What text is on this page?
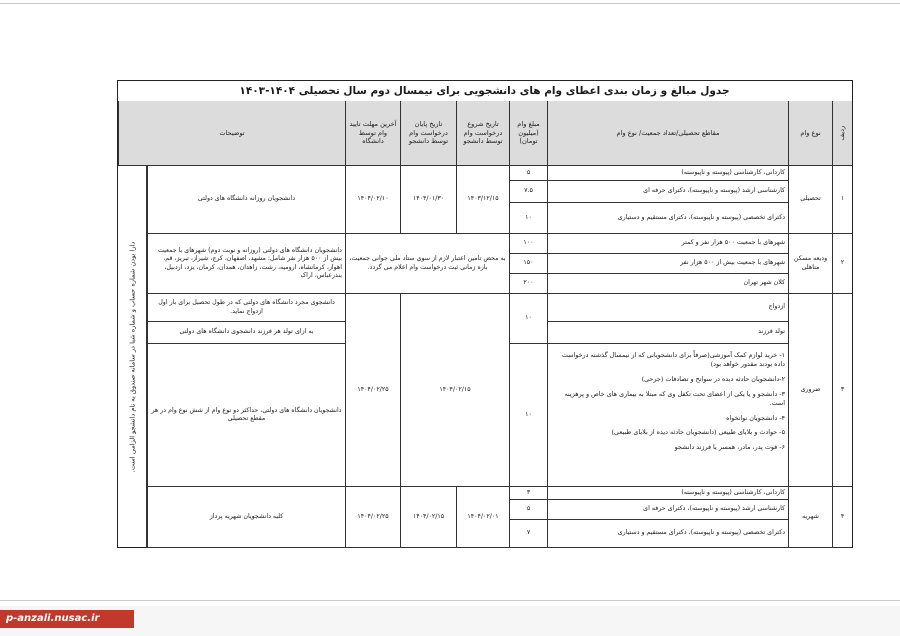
جدول مبالغ و زمان بندی اعطای وام های دانشجویی برای نیمسال دوم سال تحصیلی ۱۴۰۴-۱۴۰۳
ردیف
نوع وام
مقاطع تحصیلی/تعداد جمعیت/ نوع وام
مبلغ وام (میلیون تومان)
تاریخ شروع درخواست وام توسط دانشجو
تاریخ پایان درخواست وام توسط دانشجو
آخرین مهلت تایید وام توسط دانشگاه
توضیحات
دارا بودن شماره حساب و شماره شبا در سامانه صندوق به نام دانشجو الزامی است.
۱
تحصیلی
کاردانی، کارشناسی (پیوسته و ناپیوسته)
کارشناسی ارشد (پیوسته و ناپیوسته)، دکترای حرفه ای
دکترای تخصصی (پیوسته و ناپیوسته)، دکترای مستقیم و دستیاری
۵
۷.۵
۱۰
۱۴۰۳/۱۲/۱۵
۱۴۰۴/۰۱/۳۰
۱۴۰۴/۰۲/۱۰
دانشجویان روزانه دانشگاه های دولتی
۲
ودیعه مسکن متاهلی
شهرهای با جمعیت ۵۰۰ هزار نفر و کمتر
شهرهای با جمعیت بیش از ۵۰۰ هزار نفر
کلان شهر تهران
۱۰۰
۱۵۰
۲۰۰
به محض تامین اعتبار لازم از سوی ستاد ملی جوانی جمعیت، بازه زمانی ثبت درخواست وام اعلام می گردد.
دانشجویان دانشگاه های دولتی (روزانه و نوبت دوم) شهرهای با جمعیت بیش از ۵۰۰ هزار نفر شامل: مشهد، اصفهان، کرج، شیراز، تبریز، قم، اهواز، کرمانشاه، ارومیه، رشت، زاهدان، همدان، کرمان، یزد، اردبیل، بندرعباس، اراک
۳
ضروری
ازدواج
تولد فرزند
۱- خرید لوازم کمک آموزشی(صرفاً برای دانشجویانی که از نیمسال گذشته درخواست داده بودند مقدور خواهد بود)
۲-دانشجویان حادثه دیده در سوانح و تصادفات (جرحی)
۳- دانشجو و یا یکی از اعضای تحت تکفل وی که مبتلا به بیماری های خاص و پرهزینه است.
۴- دانشجویان نوانخواه
۵- حوادث و بلایای طبیعی (دانشجویان حادثه دیده از بلایای طبیعی)
۶- فوت پدر، مادر، همسر یا فرزند دانشجو
۱۰
۱۰
۱۴۰۴/۰۲/۱۵
۱۴۰۴/۰۲/۲۵
دانشجوی مجرد دانشگاه های دولتی که در طول تحصیل برای بار اول ازدواج نماید.
به ازای تولد هر فرزند دانشجوی دانشگاه های دولتی
دانشجویان دانشگاه های دولتی، حداکثر دو نوع وام از شش نوع وام در هر مقطع تحصیلی
۴
شهریه
کاردانی، کارشناسی (پیوسته و ناپیوسته)
کارشناسی ارشد (پیوسته و ناپیوسته)، دکترای حرفه ای
دکترای تخصصی (پیوسته و ناپیوسته)، دکترای مستقیم و دستیاری
۳
۵
۷
۱۴۰۴/۰۲/۰۱
۱۴۰۴/۰۲/۱۵
۱۴۰۴/۰۲/۲۵
کلیه دانشجویان شهریه پرداز
p-anzali.nusac.ir
